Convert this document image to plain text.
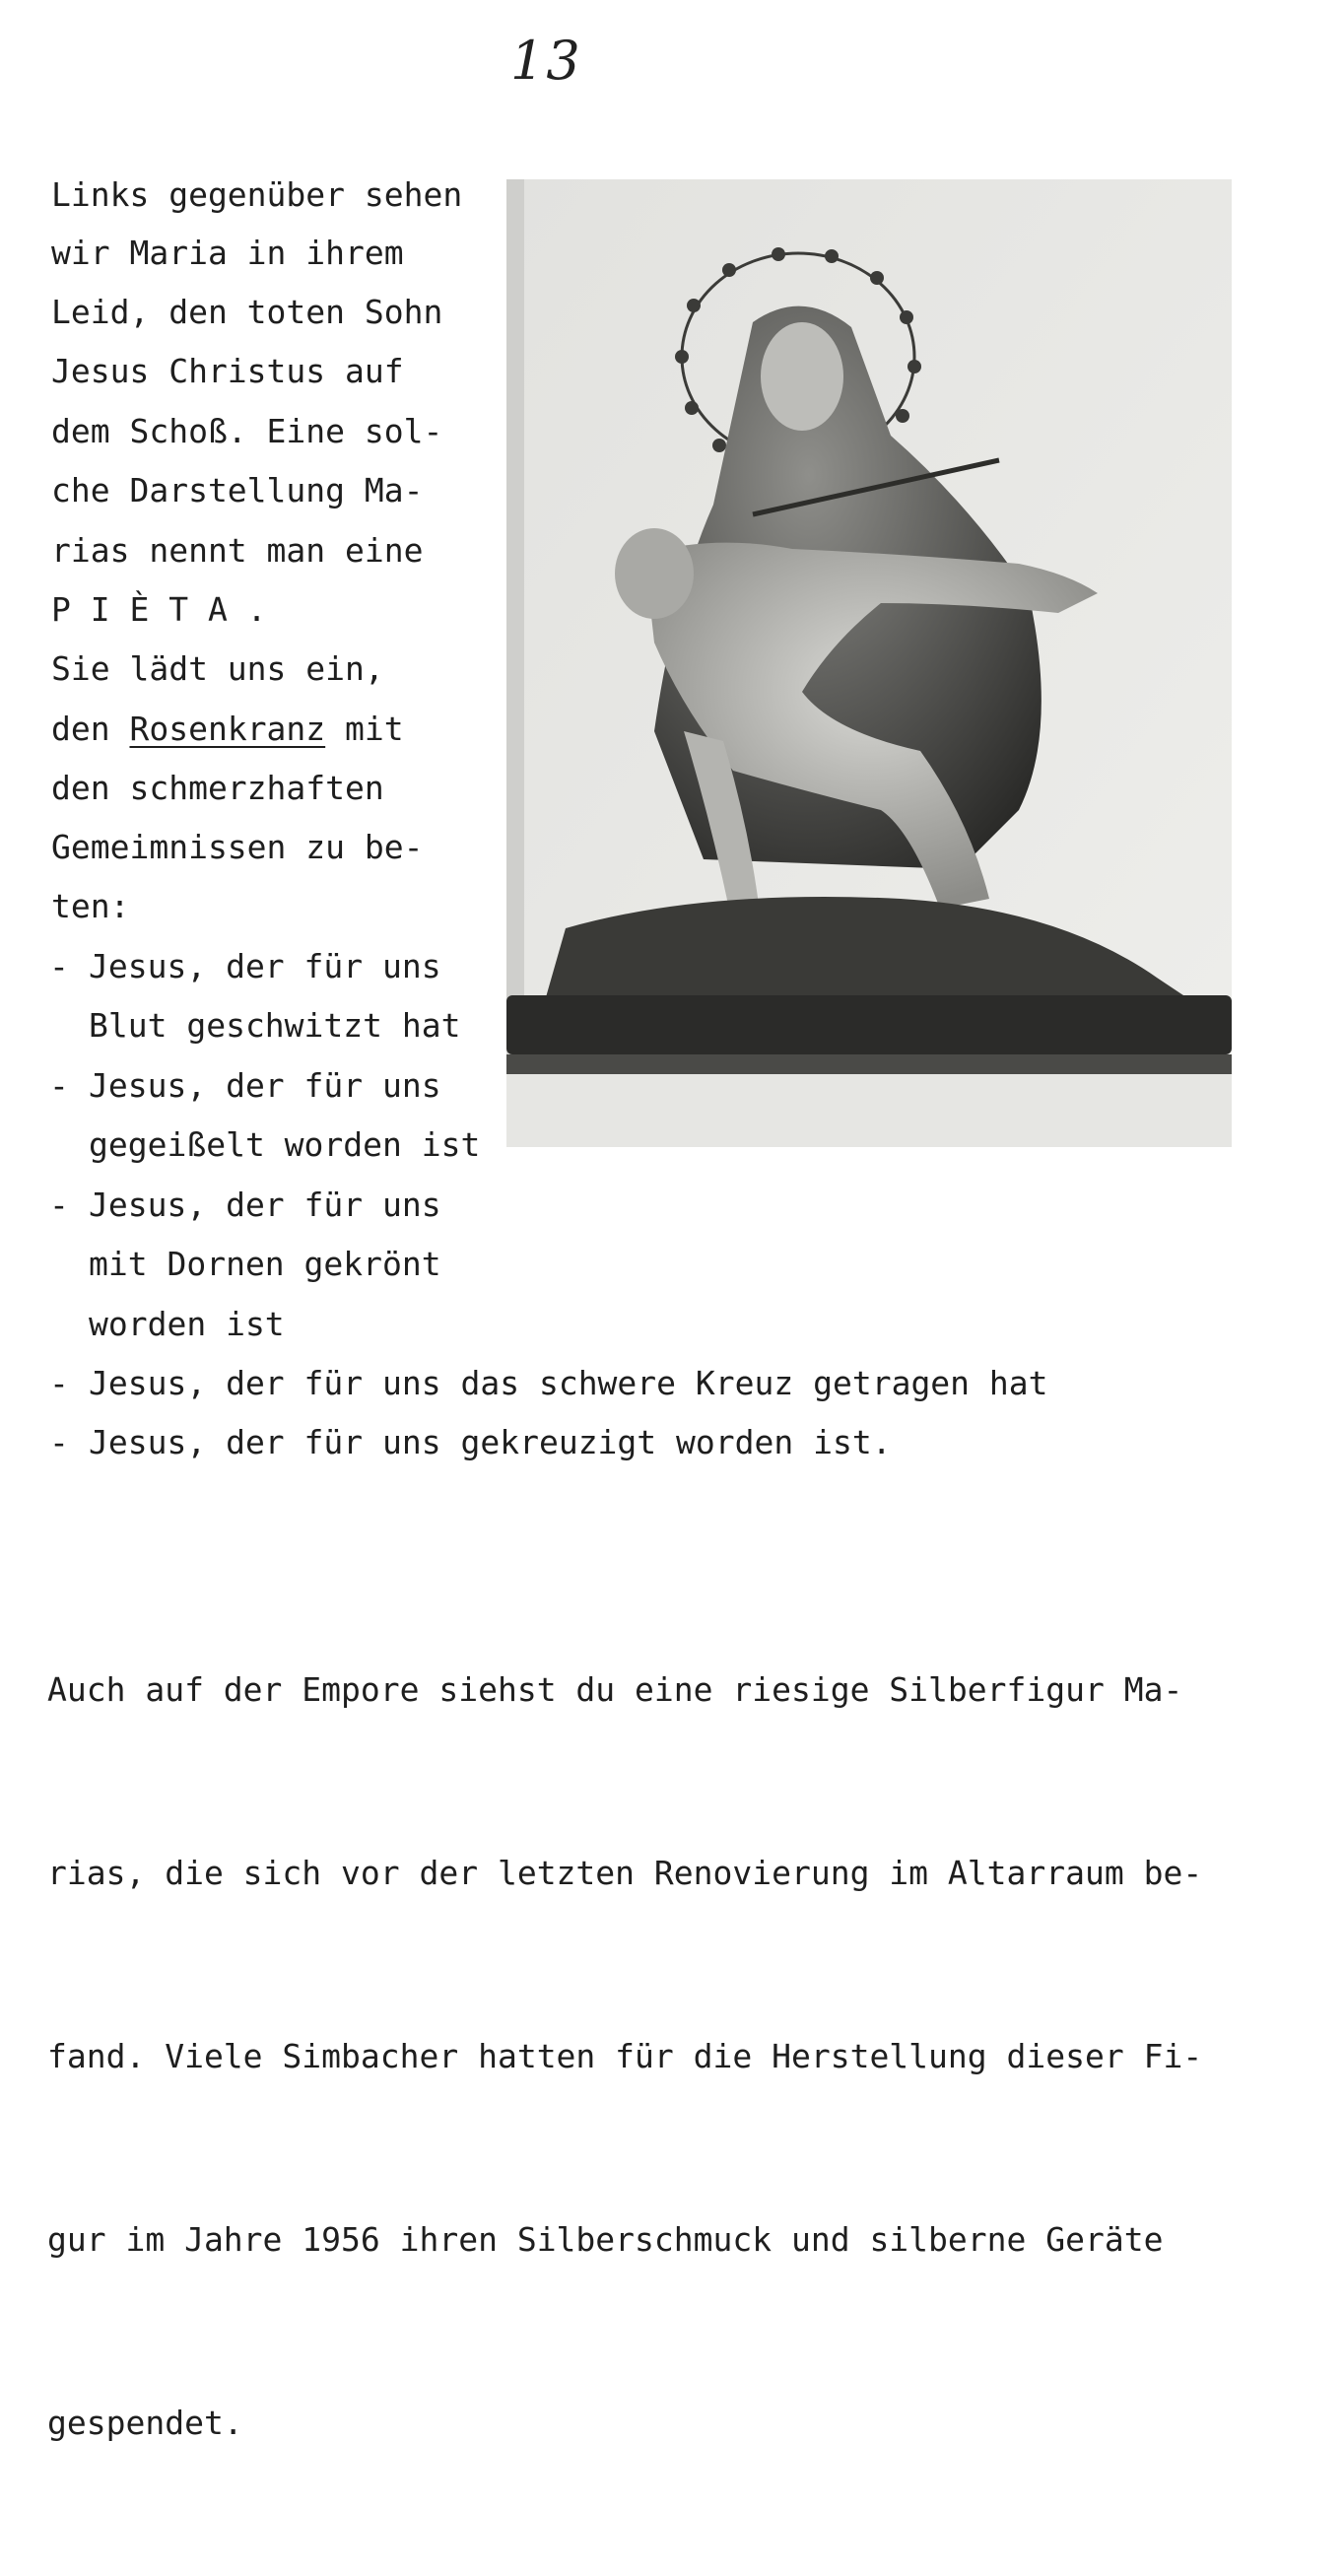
13
Links gegenüber sehen
wir Maria in ihrem
Leid, den toten Sohn
Jesus Christus auf
dem Schoß. Eine sol-
che Darstellung Ma-
rias nennt man eine
P I È T A .
Sie lädt uns ein,
den Rosenkranz mit
den schmerzhaften
Gemeimnissen zu be-
ten:
- Jesus, der für uns
Blut geschwitzt hat
- Jesus, der für uns
gegeißelt worden ist
- Jesus, der für uns
mit Dornen gekrönt
worden ist
- Jesus, der für uns das schwere Kreuz getragen hat
- Jesus, der für uns gekreuzigt worden ist.

Auch auf der Empore siehst du eine riesige Silberfigur Ma-

rias, die sich vor der letzten Renovierung im Altarraum be-

fand. Viele Simbacher hatten für die Herstellung dieser Fi-

gur im Jahre 1956 ihren Silberschmuck und silberne Geräte

gespendet.
